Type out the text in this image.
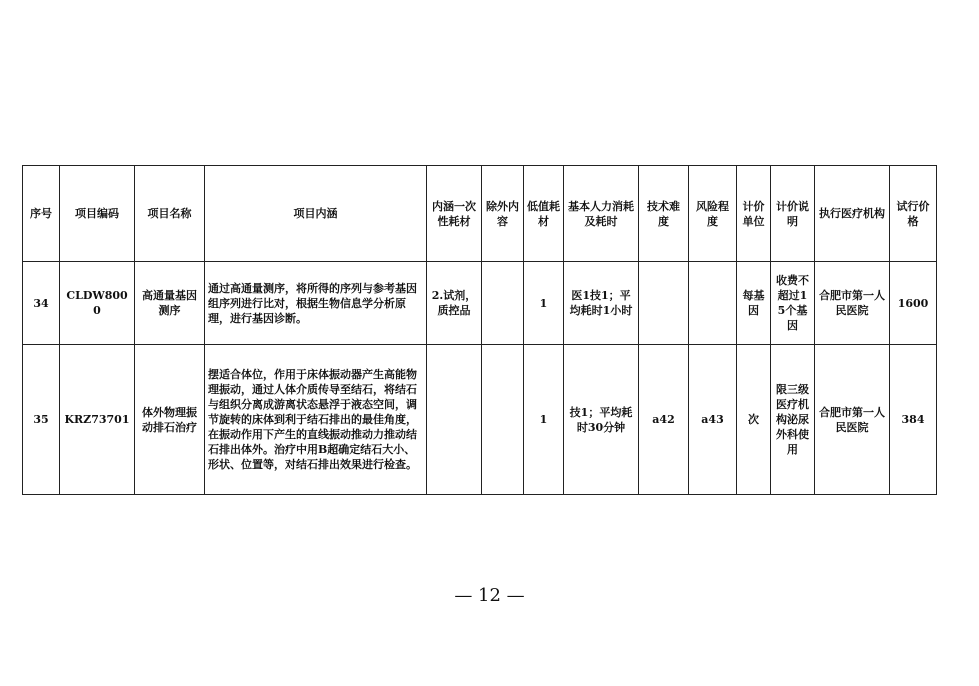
序号	项目编码	项目名称	项目内涵	内涵一次性耗材	除外内容	低值耗材	基本人力消耗及耗时	技术难度	风险程度	计价单位	计价说明	执行医疗机构	试行价格
34	CLDW8000	高通量基因测序	通过高通量测序，将所得的序列与参考基因组序列进行比对，根据生物信息学分析原理，进行基因诊断。	2.试剂，质控品		1	医1技1；平均耗时1小时			每基因	收费不超过15个基因	合肥市第一人民医院	1600
35	KRZ73701	体外物理振动排石治疗	摆适合体位，作用于床体振动器产生高能物理振动，通过人体介质传导至结石，将结石与组织分离成游离状态悬浮于液态空间，调节旋转的床体到利于结石排出的最佳角度，在振动作用下产生的直线振动推动力推动结石排出体外。治疗中用B超确定结石大小、形状、位置等，对结石排出效果进行检查。			1	技1；平均耗时30分钟	a42	a43	次	限三级医疗机构泌尿外科使用	合肥市第一人民医院	384
— 12 —
